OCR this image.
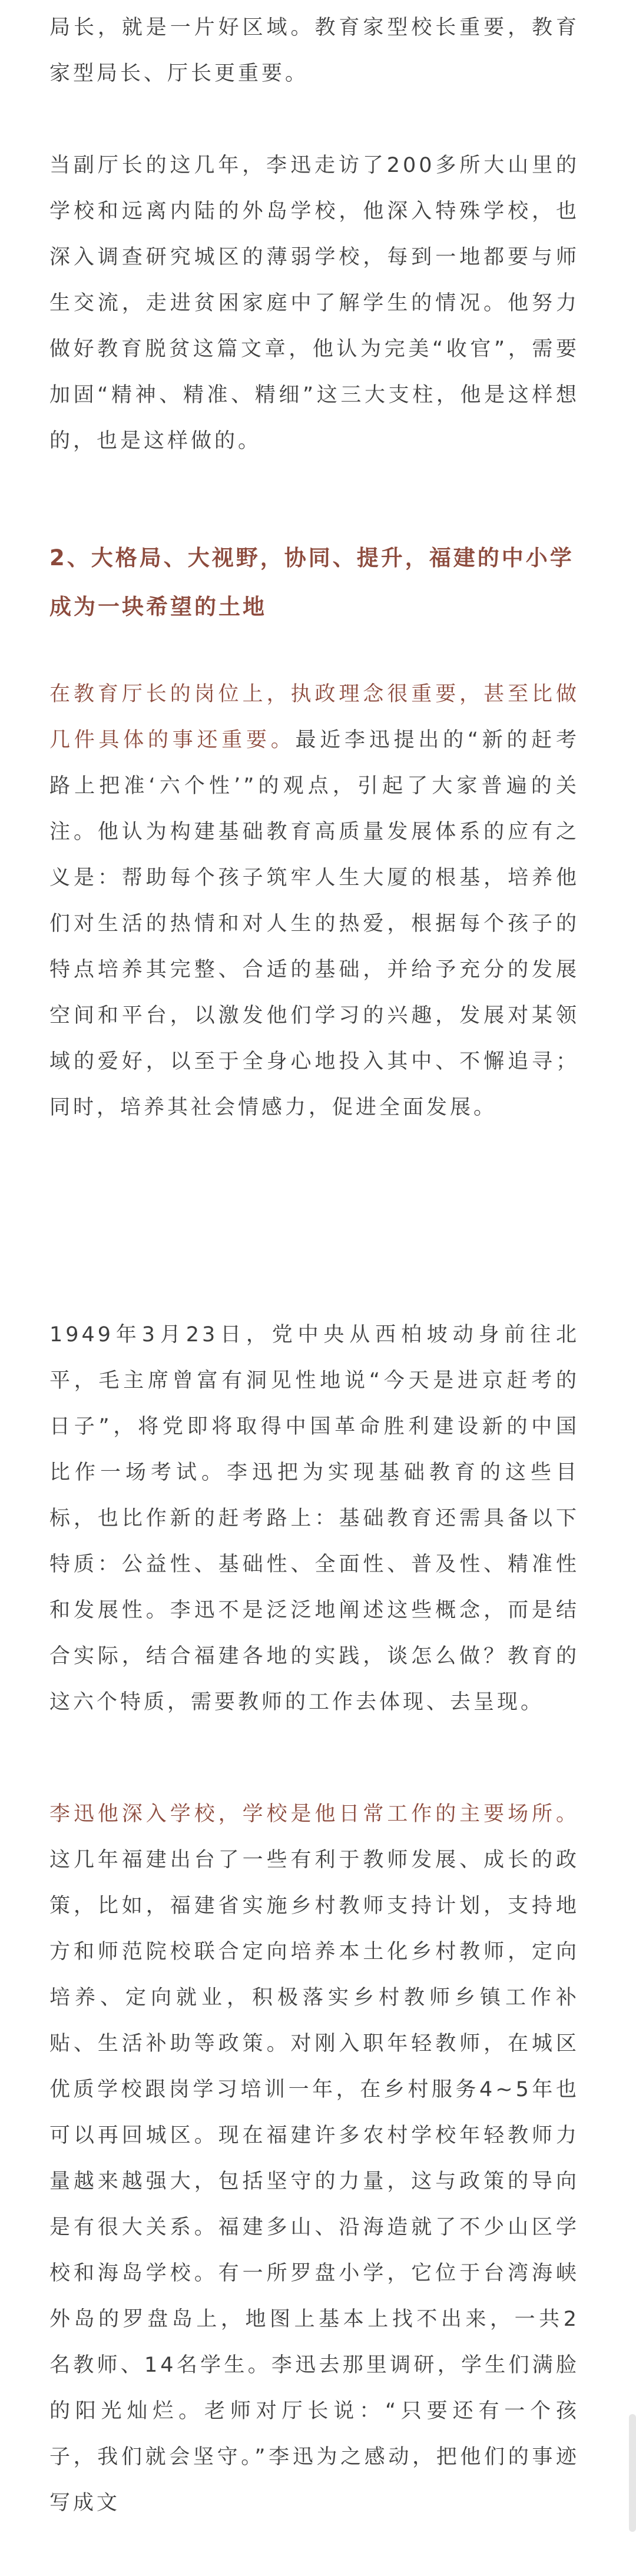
局长，就是一片好区域。教育家型校长重要，教育家型局长、厅长更重要。

当副厅长的这几年，李迅走访了200多所大山里的学校和远离内陆的外岛学校，他深入特殊学校，也深入调查研究城区的薄弱学校，每到一地都要与师生交流，走进贫困家庭中了解学生的情况。他努力做好教育脱贫这篇文章，他认为完美“收官”，需要加固“精神、精准、精细”这三大支柱，他是这样想的，也是这样做的。

2、大格局、大视野，协同、提升，福建的中小学成为一块希望的土地

在教育厅长的岗位上，执政理念很重要，甚至比做几件具体的事还重要。最近李迅提出的“新的赶考路上把准‘六个性’”的观点，引起了大家普遍的关注。他认为构建基础教育高质量发展体系的应有之义是：帮助每个孩子筑牢人生大厦的根基，培养他们对生活的热情和对人生的热爱，根据每个孩子的特点培养其完整、合适的基础，并给予充分的发展空间和平台，以激发他们学习的兴趣，发展对某领域的爱好，以至于全身心地投入其中、不懈追寻；同时，培养其社会情感力，促进全面发展。

1949年3月23日，党中央从西柏坡动身前往北平，毛主席曾富有洞见性地说“今天是进京赶考的日子”，将党即将取得中国革命胜利建设新的中国比作一场考试。李迅把为实现基础教育的这些目标，也比作新的赶考路上：基础教育还需具备以下特质：公益性、基础性、全面性、普及性、精准性和发展性。李迅不是泛泛地阐述这些概念，而是结合实际，结合福建各地的实践，谈怎么做？教育的这六个特质，需要教师的工作去体现、去呈现。

李迅他深入学校，学校是他日常工作的主要场所。这几年福建出台了一些有利于教师发展、成长的政策，比如，福建省实施乡村教师支持计划，支持地方和师范院校联合定向培养本土化乡村教师，定向培养、定向就业，积极落实乡村教师乡镇工作补贴、生活补助等政策。对刚入职年轻教师，在城区优质学校跟岗学习培训一年，在乡村服务4~5年也可以再回城区。现在福建许多农村学校年轻教师力量越来越强大，包括坚守的力量，这与政策的导向是有很大关系。福建多山、沿海造就了不少山区学校和海岛学校。有一所罗盘小学，它位于台湾海峡外岛的罗盘岛上，地图上基本上找不出来，一共2名教师、14名学生。李迅去那里调研，学生们满脸的阳光灿烂。老师对厅长说：“只要还有一个孩子，我们就会坚守。”李迅为之感动，把他们的事迹写成文
